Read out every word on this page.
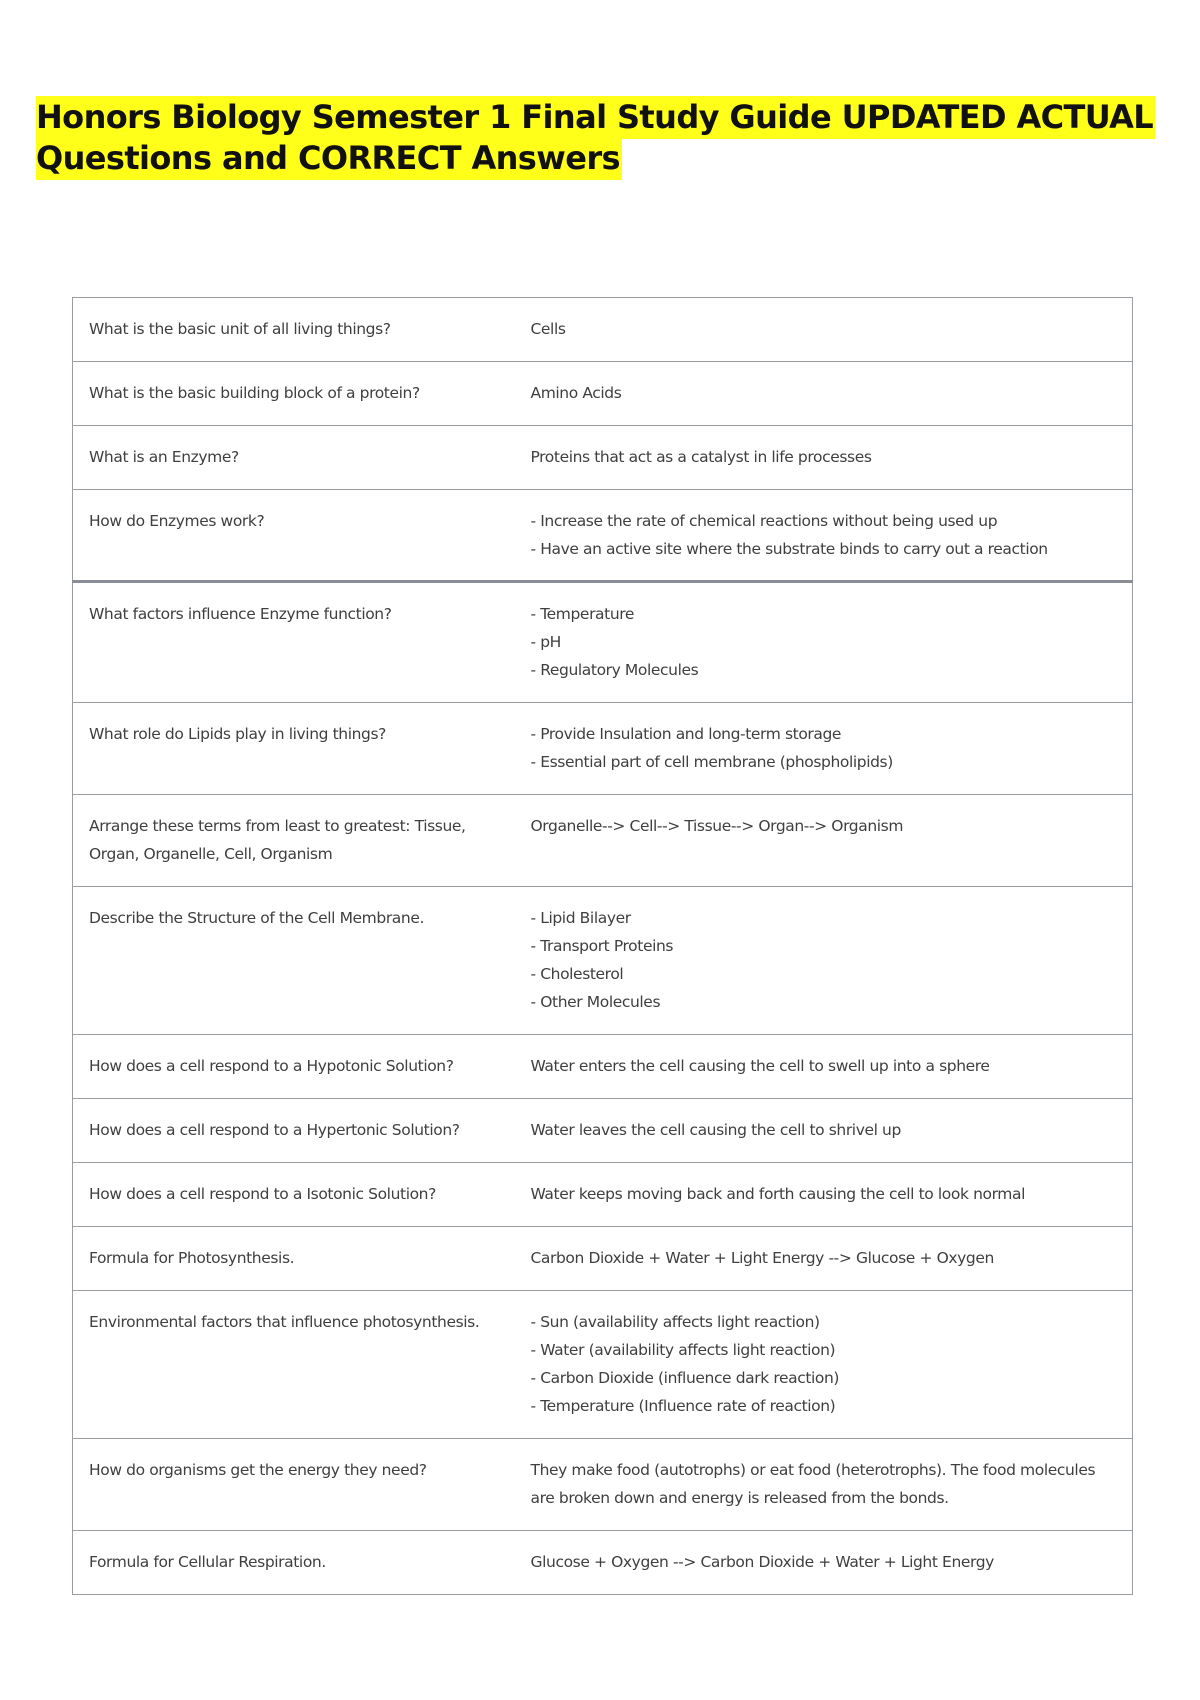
Honors Biology Semester 1 Final Study Guide UPDATED ACTUAL Questions and CORRECT Answers
What is the basic unit of all living things?	Cells

What is the basic building block of a protein?	Amino Acids

What is an Enzyme?	Proteins that act as a catalyst in life processes

How do Enzymes work?	- Increase the rate of chemical reactions without being used up
- Have an active site where the substrate binds to carry out a reaction

What factors influence Enzyme function?	- Temperature
- pH
- Regulatory Molecules

What role do Lipids play in living things?	- Provide Insulation and long-term storage
- Essential part of cell membrane (phospholipids)

Arrange these terms from least to greatest: Tissue, Organ, Organelle, Cell, Organism	Organelle--> Cell--> Tissue--> Organ--> Organism

Describe the Structure of the Cell Membrane.	- Lipid Bilayer
- Transport Proteins
- Cholesterol
- Other Molecules

How does a cell respond to a Hypotonic Solution?	Water enters the cell causing the cell to swell up into a sphere

How does a cell respond to a Hypertonic Solution?	Water leaves the cell causing the cell to shrivel up

How does a cell respond to a Isotonic Solution?	Water keeps moving back and forth causing the cell to look normal

Formula for Photosynthesis.	Carbon Dioxide + Water + Light Energy --> Glucose + Oxygen

Environmental factors that influence photosynthesis.	- Sun (availability affects light reaction)
- Water (availability affects light reaction)
- Carbon Dioxide (influence dark reaction)
- Temperature (Influence rate of reaction)

How do organisms get the energy they need?	They make food (autotrophs) or eat food (heterotrophs). The food molecules are broken down and energy is released from the bonds.

Formula for Cellular Respiration.	Glucose + Oxygen --> Carbon Dioxide + Water + Light Energy
